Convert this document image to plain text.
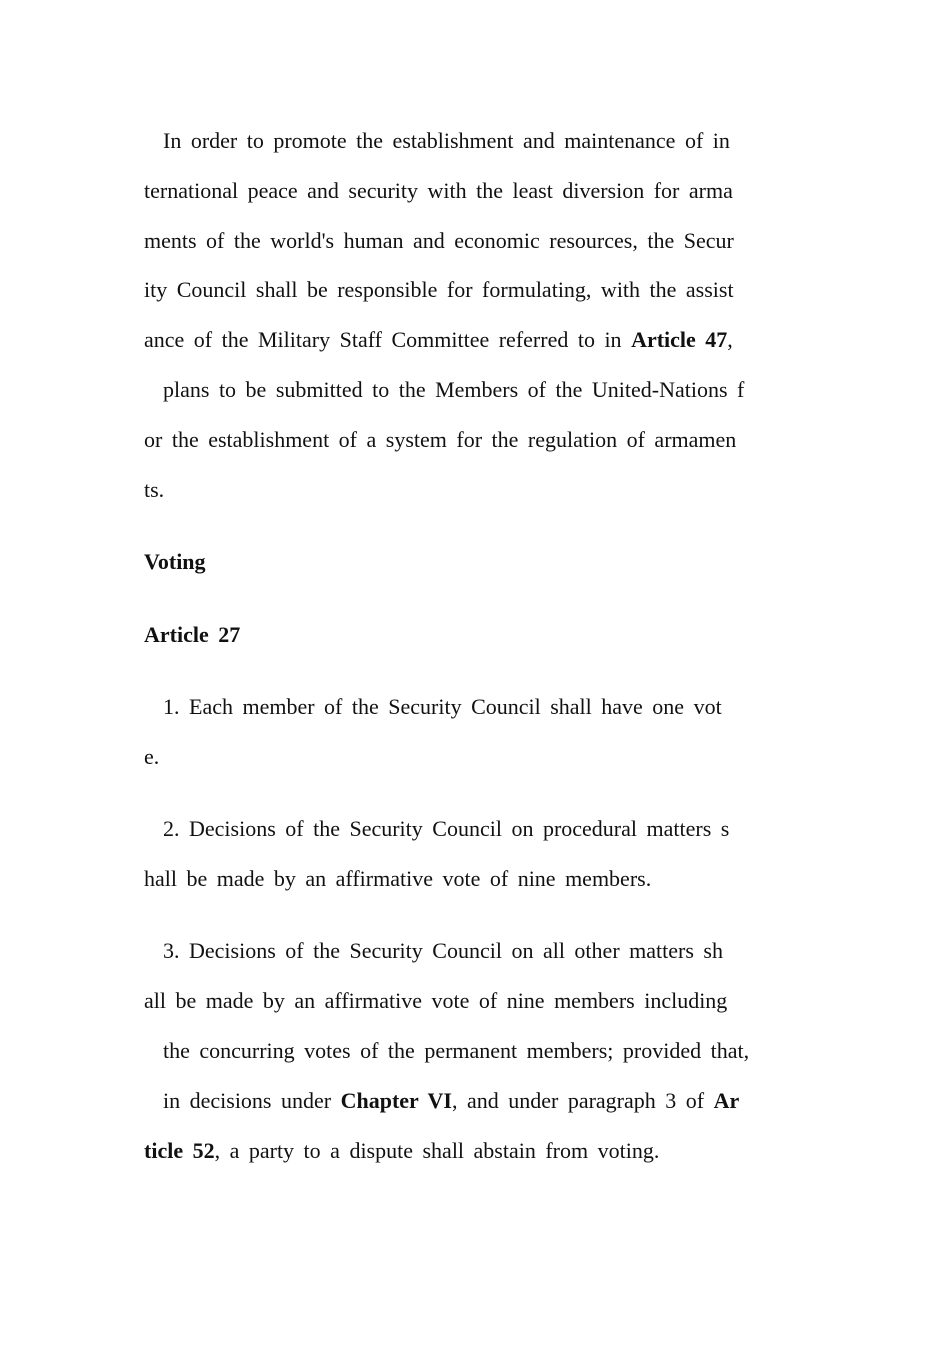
In order to promote the establishment and maintenance of in
ternational peace and security with the least diversion for arma
ments of the world's human and economic resources, the Secur
ity Council shall be responsible for formulating, with the assist
ance of the Military Staff Committee referred to in Article 47,
plans to be submitted to the Members of the United-Nations f
or the establishment of a system for the regulation of armamen
ts.
Voting
Article 27
1. Each member of the Security Council shall have one vot
e.
2. Decisions of the Security Council on procedural matters s
hall be made by an affirmative vote of nine members.
3. Decisions of the Security Council on all other matters sh
all be made by an affirmative vote of nine members including
the concurring votes of the permanent members; provided that,
in decisions under Chapter VI, and under paragraph 3 of Ar
ticle 52, a party to a dispute shall abstain from voting.
